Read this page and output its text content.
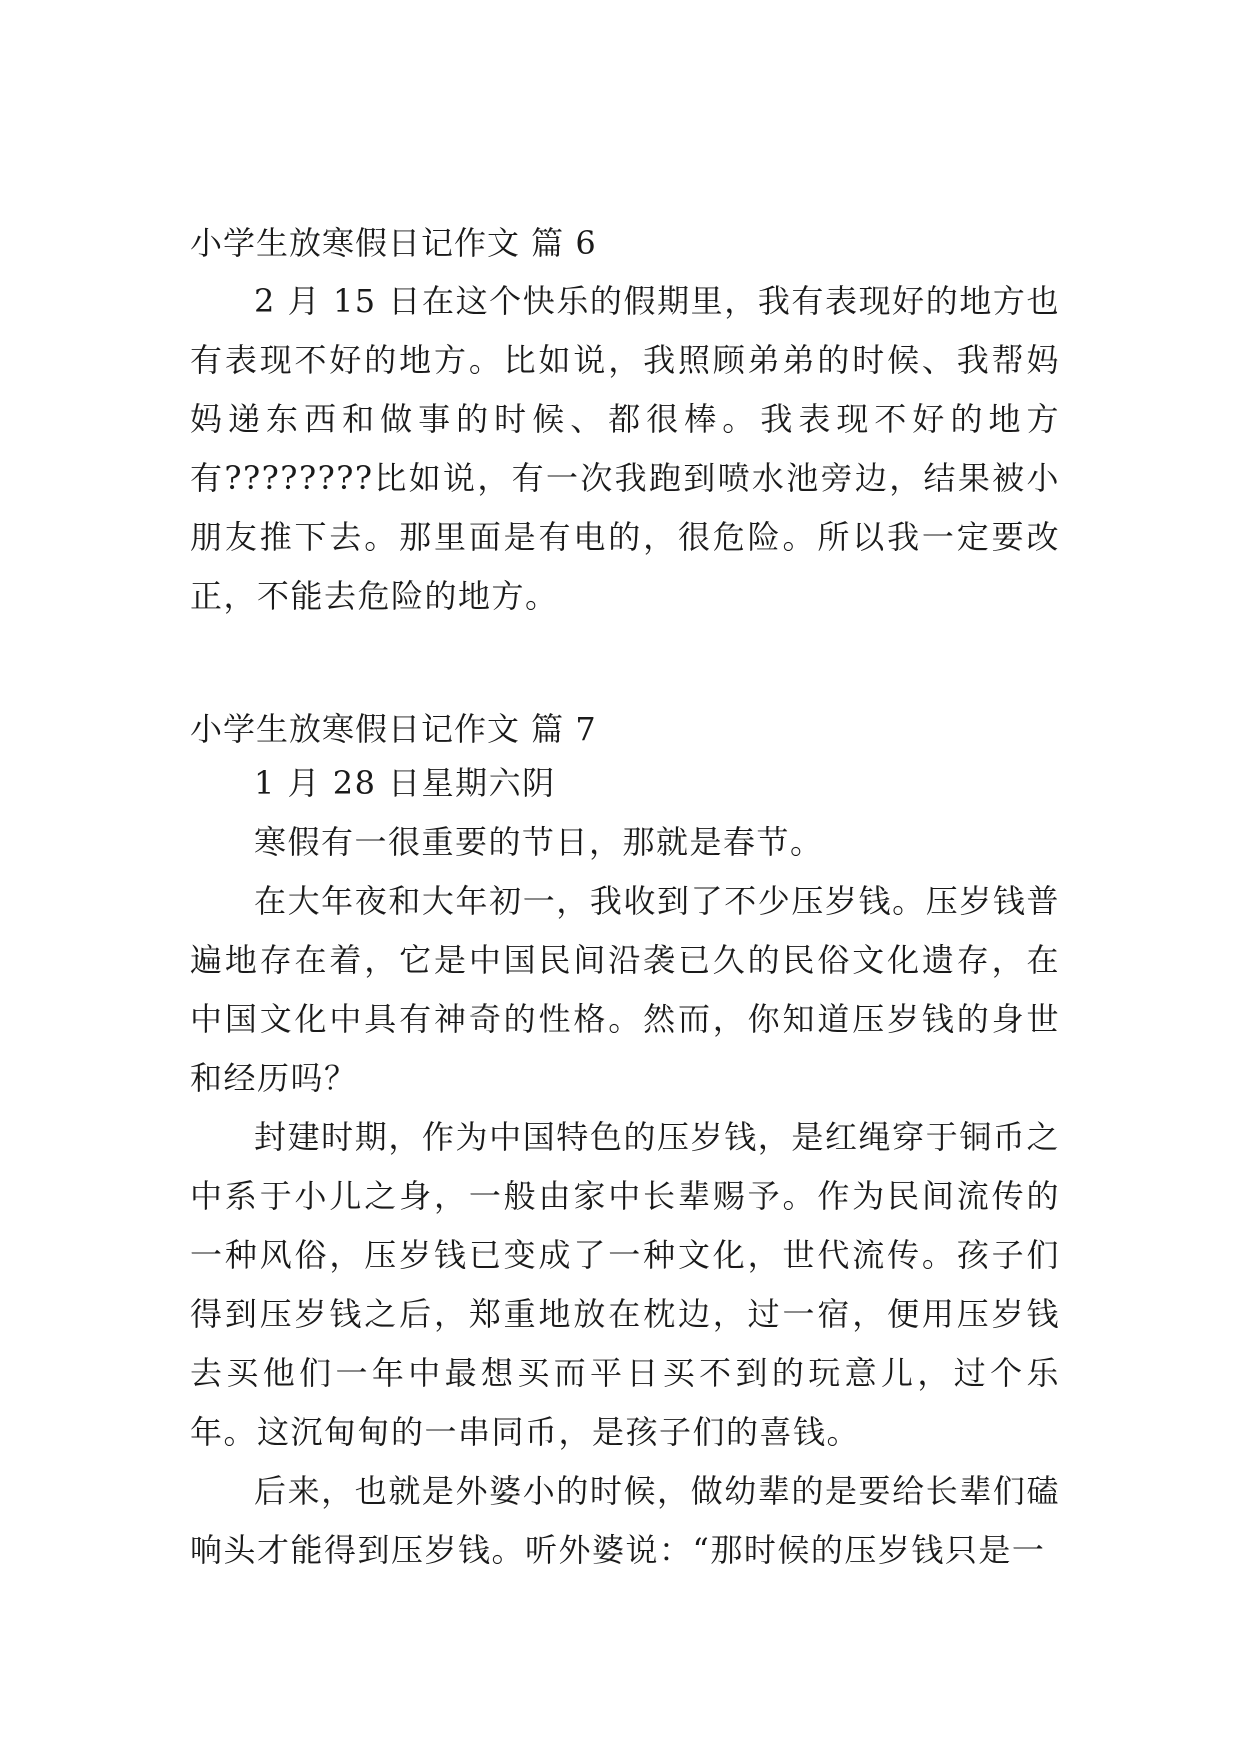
小学生放寒假日记作文 篇 6

2 月 15 日在这个快乐的假期里，我有表现好的地方也有表现不好的地方。比如说，我照顾弟弟的时候、我帮妈妈递东西和做事的时候、都很棒。我表现不好的地方有????????比如说，有一次我跑到喷水池旁边，结果被小朋友推下去。那里面是有电的，很危险。所以我一定要改正，不能去危险的地方。

小学生放寒假日记作文 篇 7

1 月 28 日星期六阴

寒假有一很重要的节日，那就是春节。

在大年夜和大年初一，我收到了不少压岁钱。压岁钱普遍地存在着，它是中国民间沿袭已久的民俗文化遗存，在中国文化中具有神奇的性格。然而，你知道压岁钱的身世和经历吗？

封建时期，作为中国特色的压岁钱，是红绳穿于铜币之中系于小儿之身，一般由家中长辈赐予。作为民间流传的一种风俗，压岁钱已变成了一种文化，世代流传。孩子们得到压岁钱之后，郑重地放在枕边，过一宿，便用压岁钱去买他们一年中最想买而平日买不到的玩意儿，过个乐年。这沉甸甸的一串同币，是孩子们的喜钱。

后来，也就是外婆小的时候，做幼辈的是要给长辈们磕响头才能得到压岁钱。听外婆说：“那时候的压岁钱只是一
